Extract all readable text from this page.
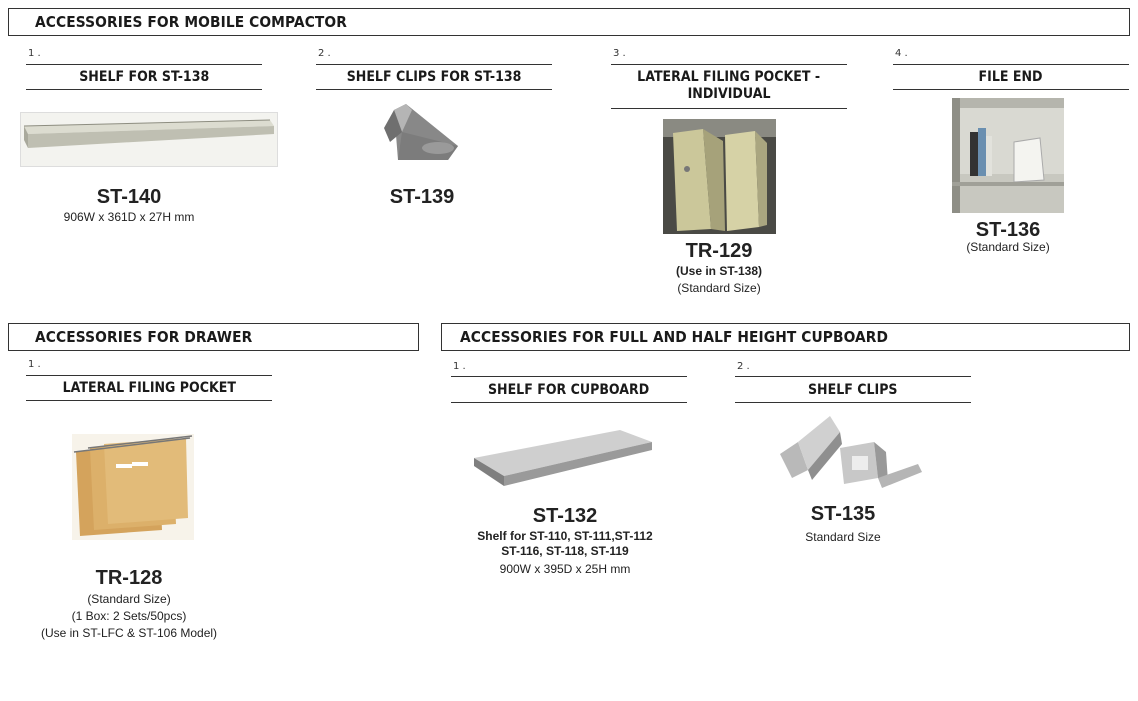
ACCESSORIES FOR MOBILE COMPACTOR
1 .
SHELF FOR ST-138
ST-140
906W x 361D x 27H mm
2 .
SHELF CLIPS FOR ST-138
ST-139
3 .
LATERAL FILING POCKET -
INDIVIDUAL
TR-129
(Use in ST-138)
(Standard Size)
4 .
FILE END
ST-136
(Standard Size)
ACCESSORIES FOR DRAWER
1 .
LATERAL FILING POCKET
TR-128
(Standard Size)
(1 Box: 2 Sets/50pcs)
(Use in ST-LFC & ST-106 Model)
ACCESSORIES FOR FULL AND HALF HEIGHT CUPBOARD
1 .
SHELF FOR CUPBOARD
ST-132
Shelf for ST-110, ST-111,ST-112
ST-116, ST-118, ST-119
900W x 395D x 25H mm
2 .
SHELF CLIPS
ST-135
Standard Size
